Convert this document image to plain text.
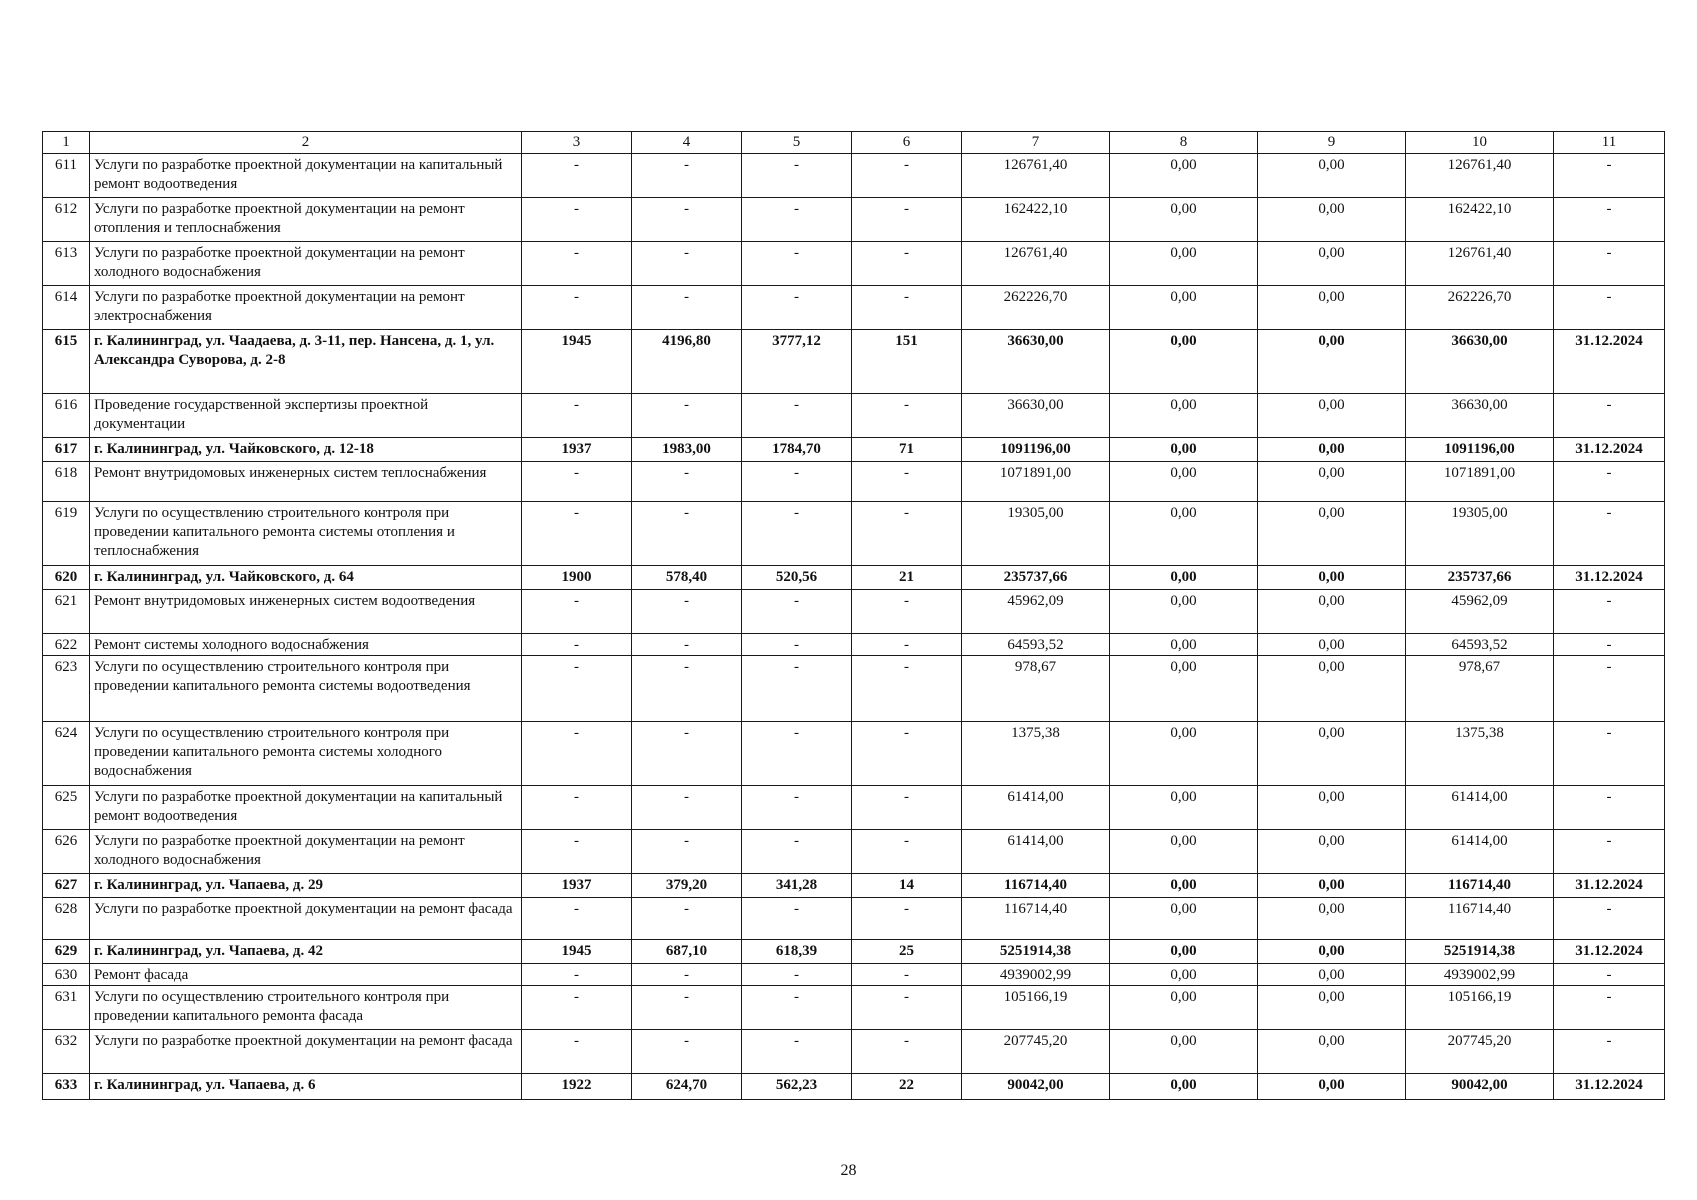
1	2	3	4	5	6	7	8	9	10	11
611	Услуги по разработке проектной документации на капитальный ремонт водоотведения	-	-	-	-	126761,40	0,00	0,00	126761,40	-
612	Услуги по разработке проектной документации на ремонт отопления и теплоснабжения	-	-	-	-	162422,10	0,00	0,00	162422,10	-
613	Услуги по разработке проектной документации на ремонт холодного водоснабжения	-	-	-	-	126761,40	0,00	0,00	126761,40	-
614	Услуги по разработке проектной документации на ремонт электроснабжения	-	-	-	-	262226,70	0,00	0,00	262226,70	-
615	г. Калининград, ул. Чаадаева, д. 3-11, пер. Нансена, д. 1, ул. Александра Суворова, д. 2-8	1945	4196,80	3777,12	151	36630,00	0,00	0,00	36630,00	31.12.2024
616	Проведение государственной экспертизы проектной документации	-	-	-	-	36630,00	0,00	0,00	36630,00	-
617	г. Калининград, ул. Чайковского, д. 12-18	1937	1983,00	1784,70	71	1091196,00	0,00	0,00	1091196,00	31.12.2024
618	Ремонт внутридомовых инженерных систем теплоснабжения	-	-	-	-	1071891,00	0,00	0,00	1071891,00	-
619	Услуги по осуществлению строительного контроля при проведении капитального ремонта системы отопления и теплоснабжения	-	-	-	-	19305,00	0,00	0,00	19305,00	-
620	г. Калининград, ул. Чайковского, д. 64	1900	578,40	520,56	21	235737,66	0,00	0,00	235737,66	31.12.2024
621	Ремонт внутридомовых инженерных систем водоотведения	-	-	-	-	45962,09	0,00	0,00	45962,09	-
622	Ремонт системы холодного водоснабжения	-	-	-	-	64593,52	0,00	0,00	64593,52	-
623	Услуги по осуществлению строительного контроля при проведении капитального ремонта системы водоотведения	-	-	-	-	978,67	0,00	0,00	978,67	-
624	Услуги по осуществлению строительного контроля при проведении капитального ремонта системы холодного водоснабжения	-	-	-	-	1375,38	0,00	0,00	1375,38	-
625	Услуги по разработке проектной документации на капитальный ремонт водоотведения	-	-	-	-	61414,00	0,00	0,00	61414,00	-
626	Услуги по разработке проектной документации на ремонт холодного водоснабжения	-	-	-	-	61414,00	0,00	0,00	61414,00	-
627	г. Калининград, ул. Чапаева, д. 29	1937	379,20	341,28	14	116714,40	0,00	0,00	116714,40	31.12.2024
628	Услуги по разработке проектной документации на ремонт фасада	-	-	-	-	116714,40	0,00	0,00	116714,40	-
629	г. Калининград, ул. Чапаева, д. 42	1945	687,10	618,39	25	5251914,38	0,00	0,00	5251914,38	31.12.2024
630	Ремонт фасада	-	-	-	-	4939002,99	0,00	0,00	4939002,99	-
631	Услуги по осуществлению строительного контроля при проведении капитального ремонта фасада	-	-	-	-	105166,19	0,00	0,00	105166,19	-
632	Услуги по разработке проектной документации на ремонт фасада	-	-	-	-	207745,20	0,00	0,00	207745,20	-
633	г. Калининград, ул. Чапаева, д. 6	1922	624,70	562,23	22	90042,00	0,00	0,00	90042,00	31.12.2024
28
